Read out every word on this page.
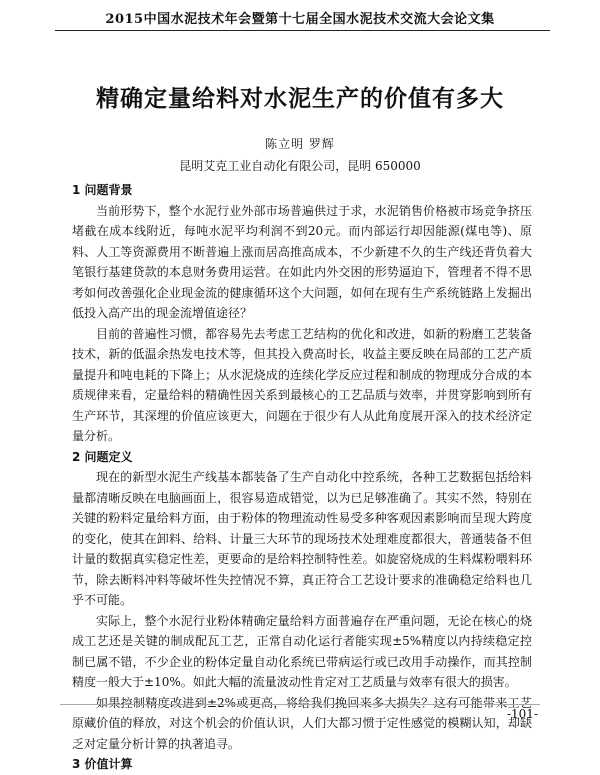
2015中国水泥技术年会暨第十七届全国水泥技术交流大会论文集
精确定量给料对水泥生产的价值有多大
陈立明 罗辉
昆明艾克工业自动化有限公司，昆明 650000

1 问题背景

当前形势下，整个水泥行业外部市场普遍供过于求，水泥销售价格被市场竞争挤压堵截在成本线附近，每吨水泥平均利润不到20元。而内部运行却因能源(煤电等)、原料、人工等资源费用不断普遍上涨而居高推高成本，不少新建不久的生产线还背负着大笔银行基建贷款的本息财务费用运营。在如此内外交困的形势逼迫下，管理者不得不思考如何改善强化企业现金流的健康循环这个大问题，如何在现有生产系统链路上发掘出低投入高产出的现金流增值途径？

目前的普遍性习惯，都容易先去考虑工艺结构的优化和改进，如新的粉磨工艺装备技术，新的低温余热发电技术等，但其投入费高时长，收益主要反映在局部的工艺产质量提升和吨电耗的下降上；从水泥烧成的连续化学反应过程和制成的物理成分合成的本质规律来看，定量给料的精确性因关系到最核心的工艺品质与效率，并贯穿影响到所有生产环节，其深埋的价值应该更大，问题在于很少有人从此角度展开深入的技术经济定量分析。

2 问题定义

现在的新型水泥生产线基本都装备了生产自动化中控系统，各种工艺数据包括给料量都清晰反映在电脑画面上，很容易造成错觉，以为已足够准确了。其实不然，特别在关键的粉料定量给料方面，由于粉体的物理流动性易受多种客观因素影响而呈现大跨度的变化，使其在卸料、给料、计量三大环节的现场技术处理难度都很大，普通装备不但计量的数据真实稳定性差，更要命的是给料控制特性差。如旋窑烧成的生料煤粉喂料环节，除去断料冲料等破坏性失控情况不算，真正符合工艺设计要求的准确稳定给料也几乎不可能。

实际上，整个水泥行业粉体精确定量给料方面普遍存在严重问题，无论在核心的烧成工艺还是关键的制成配瓦工艺，正常自动化运行者能实现±5%精度以内持续稳定控制已属不错，不少企业的粉体定量自动化系统已带病运行或已改用手动操作，而其控制精度一般大于±10%。如此大幅的流量波动性肯定对工艺质量与效率有很大的损害。

如果控制精度改进到±2%或更高，将给我们挽回来多大损失？这有可能带来工艺原藏价值的释放，对这个机会的价值认识，人们大都习惯于定性感觉的模糊认知，却缺乏对定量分析计算的执著追寻。

3 价值计算

-101-
